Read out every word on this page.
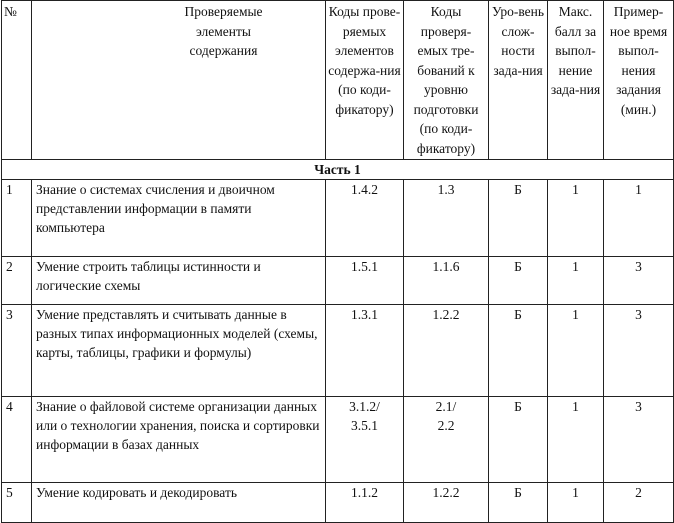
№	Проверяемые элементы содержания	Коды прове-ряемых элементов содержа-ния (по коди-фикатору)	Коды проверя-емых тре-бований к уровню подготовки (по коди-фикатору)	Уро-вень слож-ности зада-ния	Макс. балл за выпол-нение зада-ния	Пример-ное время выпол-нения задания (мин.)
Часть 1						
1	Знание о системах счисления и двоичном представлении информации в памяти компьютера	1.4.2	1.3	Б	1	1
2	Умение строить таблицы истинности и логические схемы	1.5.1	1.1.6	Б	1	3
3	Умение представлять и считывать данные в разных типах информационных моделей (схемы, карты, таблицы, графики и формулы)	1.3.1	1.2.2	Б	1	3
4	Знание о файловой системе организации данных или о технологии хранения, поиска и сортировки информации в базах данных	3.1.2/ 3.5.1	2.1/ 2.2	Б	1	3
5	Умение кодировать и декодировать	1.1.2	1.2.2	Б	1	2
